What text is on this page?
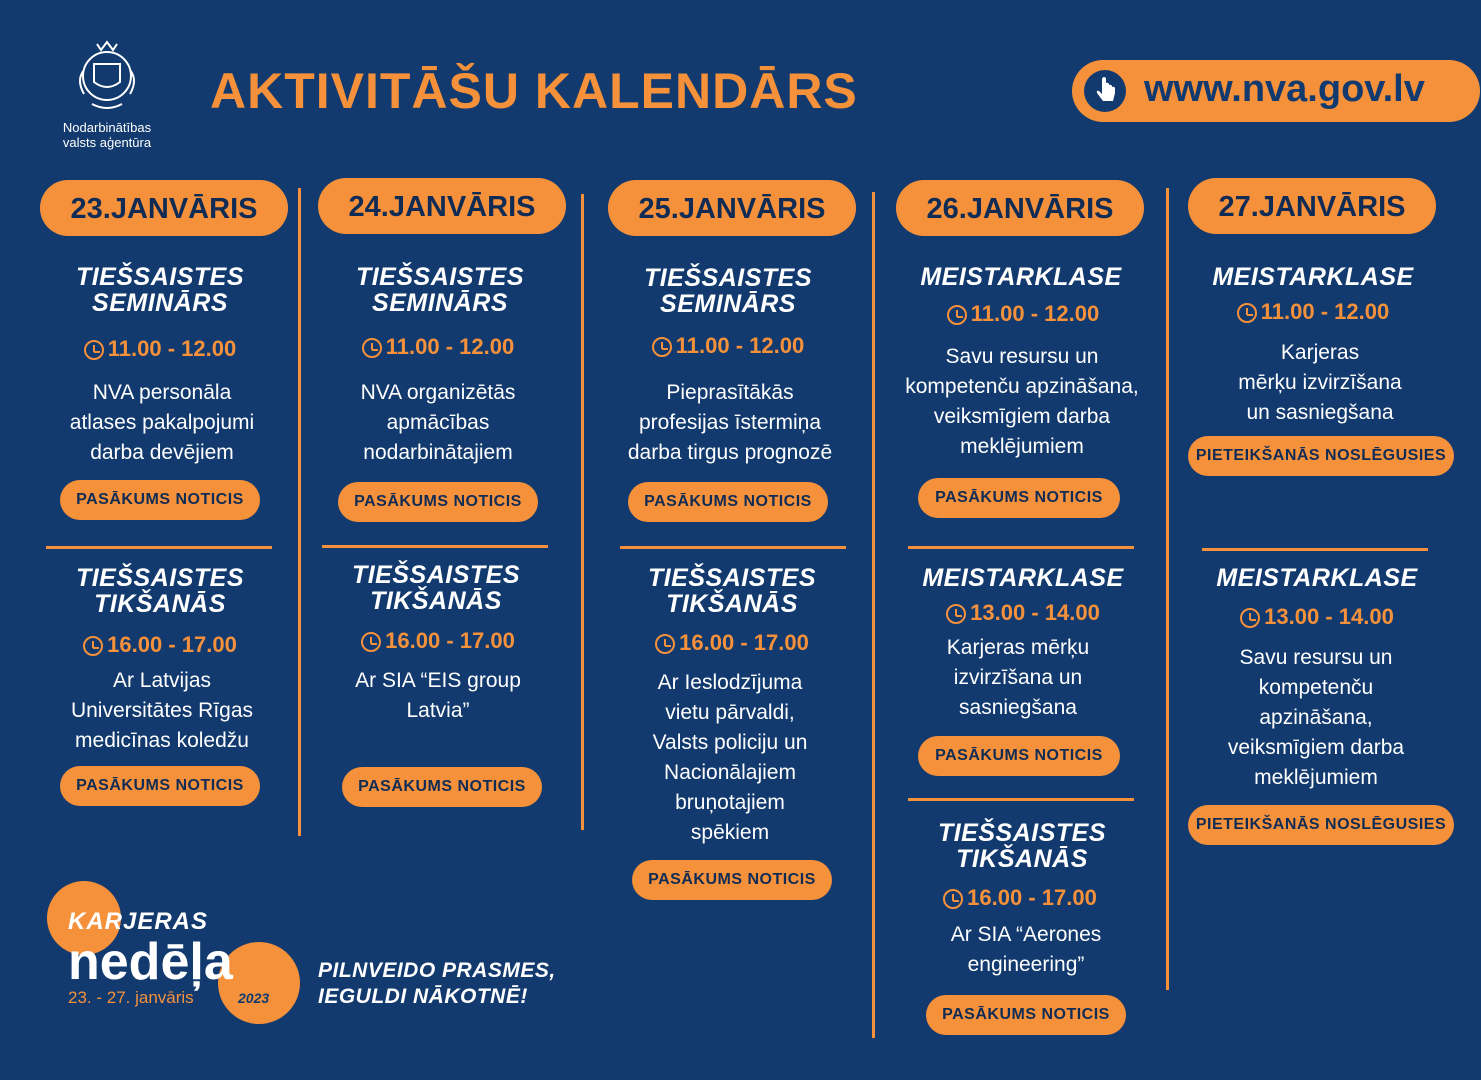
Nodarbinātības
valsts aģentūra
AKTIVITĀŠU KALENDĀRS	www.nva.gov.lv
23.JANVĀRIS
TIEŠSAISTES
SEMINĀRS
11.00 - 12.00
NVA personāla
atlases pakalpojumi
darba devējiem
PASĀKUMS NOTICIS
TIEŠSAISTES
TIKŠANĀS
16.00 - 17.00
Ar Latvijas
Universitātes Rīgas
medicīnas koledžu
PASĀKUMS NOTICIS
24.JANVĀRIS
TIEŠSAISTES
SEMINĀRS
11.00 - 12.00
NVA organizētās
apmācības
nodarbinātajiem
PASĀKUMS NOTICIS
TIEŠSAISTES
TIKŠANĀS
16.00 - 17.00
Ar SIA “EIS group
Latvia”
PASĀKUMS NOTICIS
25.JANVĀRIS
TIEŠSAISTES
SEMINĀRS
11.00 - 12.00
Pieprasītākās
profesijas īstermiņa
darba tirgus prognozē
PASĀKUMS NOTICIS
TIEŠSAISTES
TIKŠANĀS
16.00 - 17.00
Ar Ieslodzījuma
vietu pārvaldi,
Valsts policiju un
Nacionālajiem
bruņotajiem
spēkiem
PASĀKUMS NOTICIS
26.JANVĀRIS
MEISTARKLASE
11.00 - 12.00
Savu resursu un
kompetenču apzināšana,
veiksmīgiem darba
meklējumiem
PASĀKUMS NOTICIS
MEISTARKLASE
13.00 - 14.00
Karjeras mērķu
izvirzīšana un
sasniegšana
PASĀKUMS NOTICIS
TIEŠSAISTES
TIKŠANĀS
16.00 - 17.00
Ar SIA “Aerones
engineering”
PASĀKUMS NOTICIS
27.JANVĀRIS
MEISTARKLASE
11.00 - 12.00
Karjeras
mērķu izvirzīšana
un sasniegšana
PIETEIKŠANĀS NOSLĒGUSIES
MEISTARKLASE
13.00 - 14.00
Savu resursu un
kompetenču
apzināšana,
veiksmīgiem darba
meklējumiem
PIETEIKŠANĀS NOSLĒGUSIES
KARJERAS
nedēļa
23. - 27. janvāris	2023
PILNVEIDO PRASMES,
IEGULDI NĀKOTNĒ!
